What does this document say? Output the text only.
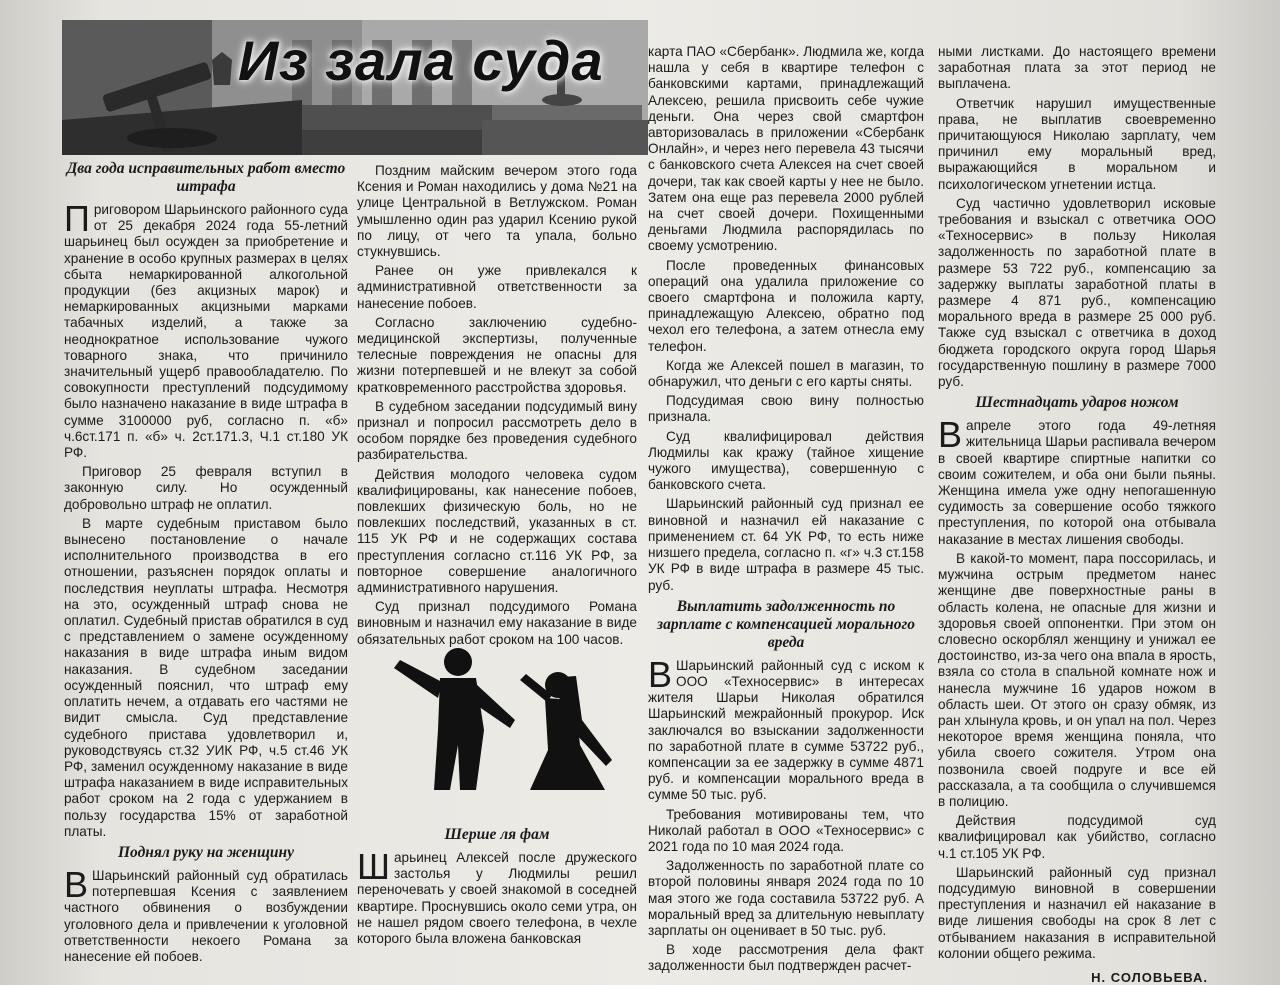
Из зала суда
Два года исправительных работ вместо штрафа

Приговором Шарьинского районного суда от 25 декабря 2024 года 55-летний шарьинец был осужден за приобретение и хранение в особо крупных размерах в целях сбыта немаркированной алкогольной продукции (без акцизных марок) и немаркированных акцизными марками табачных изделий, а также за неоднократное использование чужого товарного знака, что причинило значительный ущерб правообладателю. По совокупности преступлений подсудимому было назначено наказание в виде штрафа в сумме 3100000 руб, согласно п. «б» ч.6ст.171 п. «б» ч. 2ст.171.3, Ч.1 ст.180 УК РФ.

Приговор 25 февраля вступил в законную силу. Но осужденный добровольно штраф не оплатил.

В марте судебным приставом было вынесено постановление о начале исполнительного производства в его отношении, разъяснен порядок оплаты и последствия неуплаты штрафа. Несмотря на это, осужденный штраф снова не оплатил. Судебный пристав обратился в суд с представлением о замене осужденному наказания в виде штрафа иным видом наказания. В судебном заседании осужденный пояснил, что штраф ему оплатить нечем, а отдавать его частями не видит смысла. Суд представление судебного пристава удовлетворил и, руководствуясь ст.32 УИК РФ, ч.5 ст.46 УК РФ, заменил осужденному наказание в виде штрафа наказанием в виде исправительных работ сроком на 2 года с удержанием в пользу государства 15% от заработной платы.

Поднял руку на женщину

В Шарьинский районный суд обратилась потерпевшая Ксения с заявлением частного обвинения о возбуждении уголовного дела и привлечении к уголовной ответственности некоего Романа за нанесение ей побоев.

Поздним майским вечером этого года Ксения и Роман находились у дома №21 на улице Центральной в Ветлужском. Роман умышленно один раз ударил Ксению рукой по лицу, от чего та упала, больно стукнувшись.

Ранее он уже привлекался к административной ответственности за нанесение побоев.

Согласно заключению судебно-медицинской экспертизы, полученные телесные повреждения не опасны для жизни потерпевшей и не влекут за собой кратковременного расстройства здоровья.

В судебном заседании подсудимый вину признал и попросил рассмотреть дело в особом порядке без проведения судебного разбирательства.

Действия молодого человека судом квалифицированы, как нанесение побоев, повлекших физическую боль, но не повлекших последствий, указанных в ст. 115 УК РФ и не содержащих состава преступления согласно ст.116 УК РФ, за повторное совершение аналогичного административного нарушения.

Суд признал подсудимого Романа виновным и назначил ему наказание в виде обязательных работ сроком на 100 часов.

Шерше ля фам

Шарьинец Алексей после дружеского застолья у Людмилы решил переночевать у своей знакомой в соседней квартире. Проснувшись около семи утра, он не нашел рядом своего телефона, в чехле которого была вложена банковская

карта ПАО «Сбербанк». Людмила же, когда нашла у себя в квартире телефон с банковскими картами, принадлежащий Алексею, решила присвоить себе чужие деньги. Она через свой смартфон авторизовалась в приложении «Сбербанк Онлайн», и через него перевела 43 тысячи с банковского счета Алексея на счет своей дочери, так как своей карты у нее не было. Затем она еще раз перевела 2000 рублей на счет своей дочери. Похищенными деньгами Людмила распорядилась по своему усмотрению.

После проведенных финансовых операций она удалила приложение со своего смартфона и положила карту, принадлежащую Алексею, обратно под чехол его телефона, а затем отнесла ему телефон.

Когда же Алексей пошел в магазин, то обнаружил, что деньги с его карты сняты.

Подсудимая свою вину полностью признала.

Суд квалифицировал действия Людмилы как кражу (тайное хищение чужого имущества), совершенную с банковского счета.

Шарьинский районный суд признал ее виновной и назначил ей наказание с применением ст. 64 УК РФ, то есть ниже низшего предела, согласно п. «г» ч.3 ст.158 УК РФ в виде штрафа в размере 45 тыс. руб.

Выплатить задолженность по зарплате с компенсацией морального вреда

В Шарьинский районный суд с иском к ООО «Техносервис» в интересах жителя Шарьи Николая обратился Шарьинский межрайонный прокурор. Иск заключался во взыскании задолженности по заработной плате в сумме 53722 руб., компенсации за ее задержку в сумме 4871 руб. и компенсации морального вреда в сумме 50 тыс. руб.

Требования мотивированы тем, что Николай работал в ООО «Техносервис» с 2021 года по 10 мая 2024 года.

Задолженность по заработной плате со второй половины января 2024 года по 10 мая этого же года составила 53722 руб. А моральный вред за длительную невыплату зарплаты он оценивает в 50 тыс. руб.

В ходе рассмотрения дела факт задолженности был подтвержден расчет-

ными листками. До настоящего времени заработная плата за этот период не выплачена.

Ответчик нарушил имущественные права, не выплатив своевременно причитающуюся Николаю зарплату, чем причинил ему моральный вред, выражающийся в моральном и психологическом угнетении истца.

Суд частично удовлетворил исковые требования и взыскал с ответчика ООО «Техносервис» в пользу Николая задолженность по заработной плате в размере 53 722 руб., компенсацию за задержку выплаты заработной платы в размере 4 871 руб., компенсацию морального вреда в размере 25 000 руб. Также суд взыскал с ответчика в доход бюджета городского округа город Шарья государственную пошлину в размере 7000 руб.

Шестнадцать ударов ножом

Вапреле этого года 49-летняя жительница Шарьи распивала вечером в своей квартире спиртные напитки со своим сожителем, и оба они были пьяны. Женщина имела уже одну непогашенную судимость за совершение особо тяжкого преступления, по которой она отбывала наказание в местах лишения свободы.

В какой-то момент, пара поссорилась, и мужчина острым предметом нанес женщине две поверхностные раны в область колена, не опасные для жизни и здоровья своей оппонентки. При этом он словесно оскорблял женщину и унижал ее достоинство, из-за чего она впала в ярость, взяла со стола в спальной комнате нож и нанесла мужчине 16 ударов ножом в область шеи. От этого он сразу обмяк, из ран хлынула кровь, и он упал на пол. Через некоторое время женщина поняла, что убила своего сожителя. Утром она позвонила своей подруге и все ей рассказала, а та сообщила о случившемся в полицию.

Действия подсудимой суд квалифицировал как убийство, согласно ч.1 ст.105 УК РФ.

Шарьинский районный суд признал подсудимую виновной в совершении преступления и назначил ей наказание в виде лишения свободы на срок 8 лет с отбыванием наказания в исправительной колонии общего режима.

Н. СОЛОВЬЕВА.
